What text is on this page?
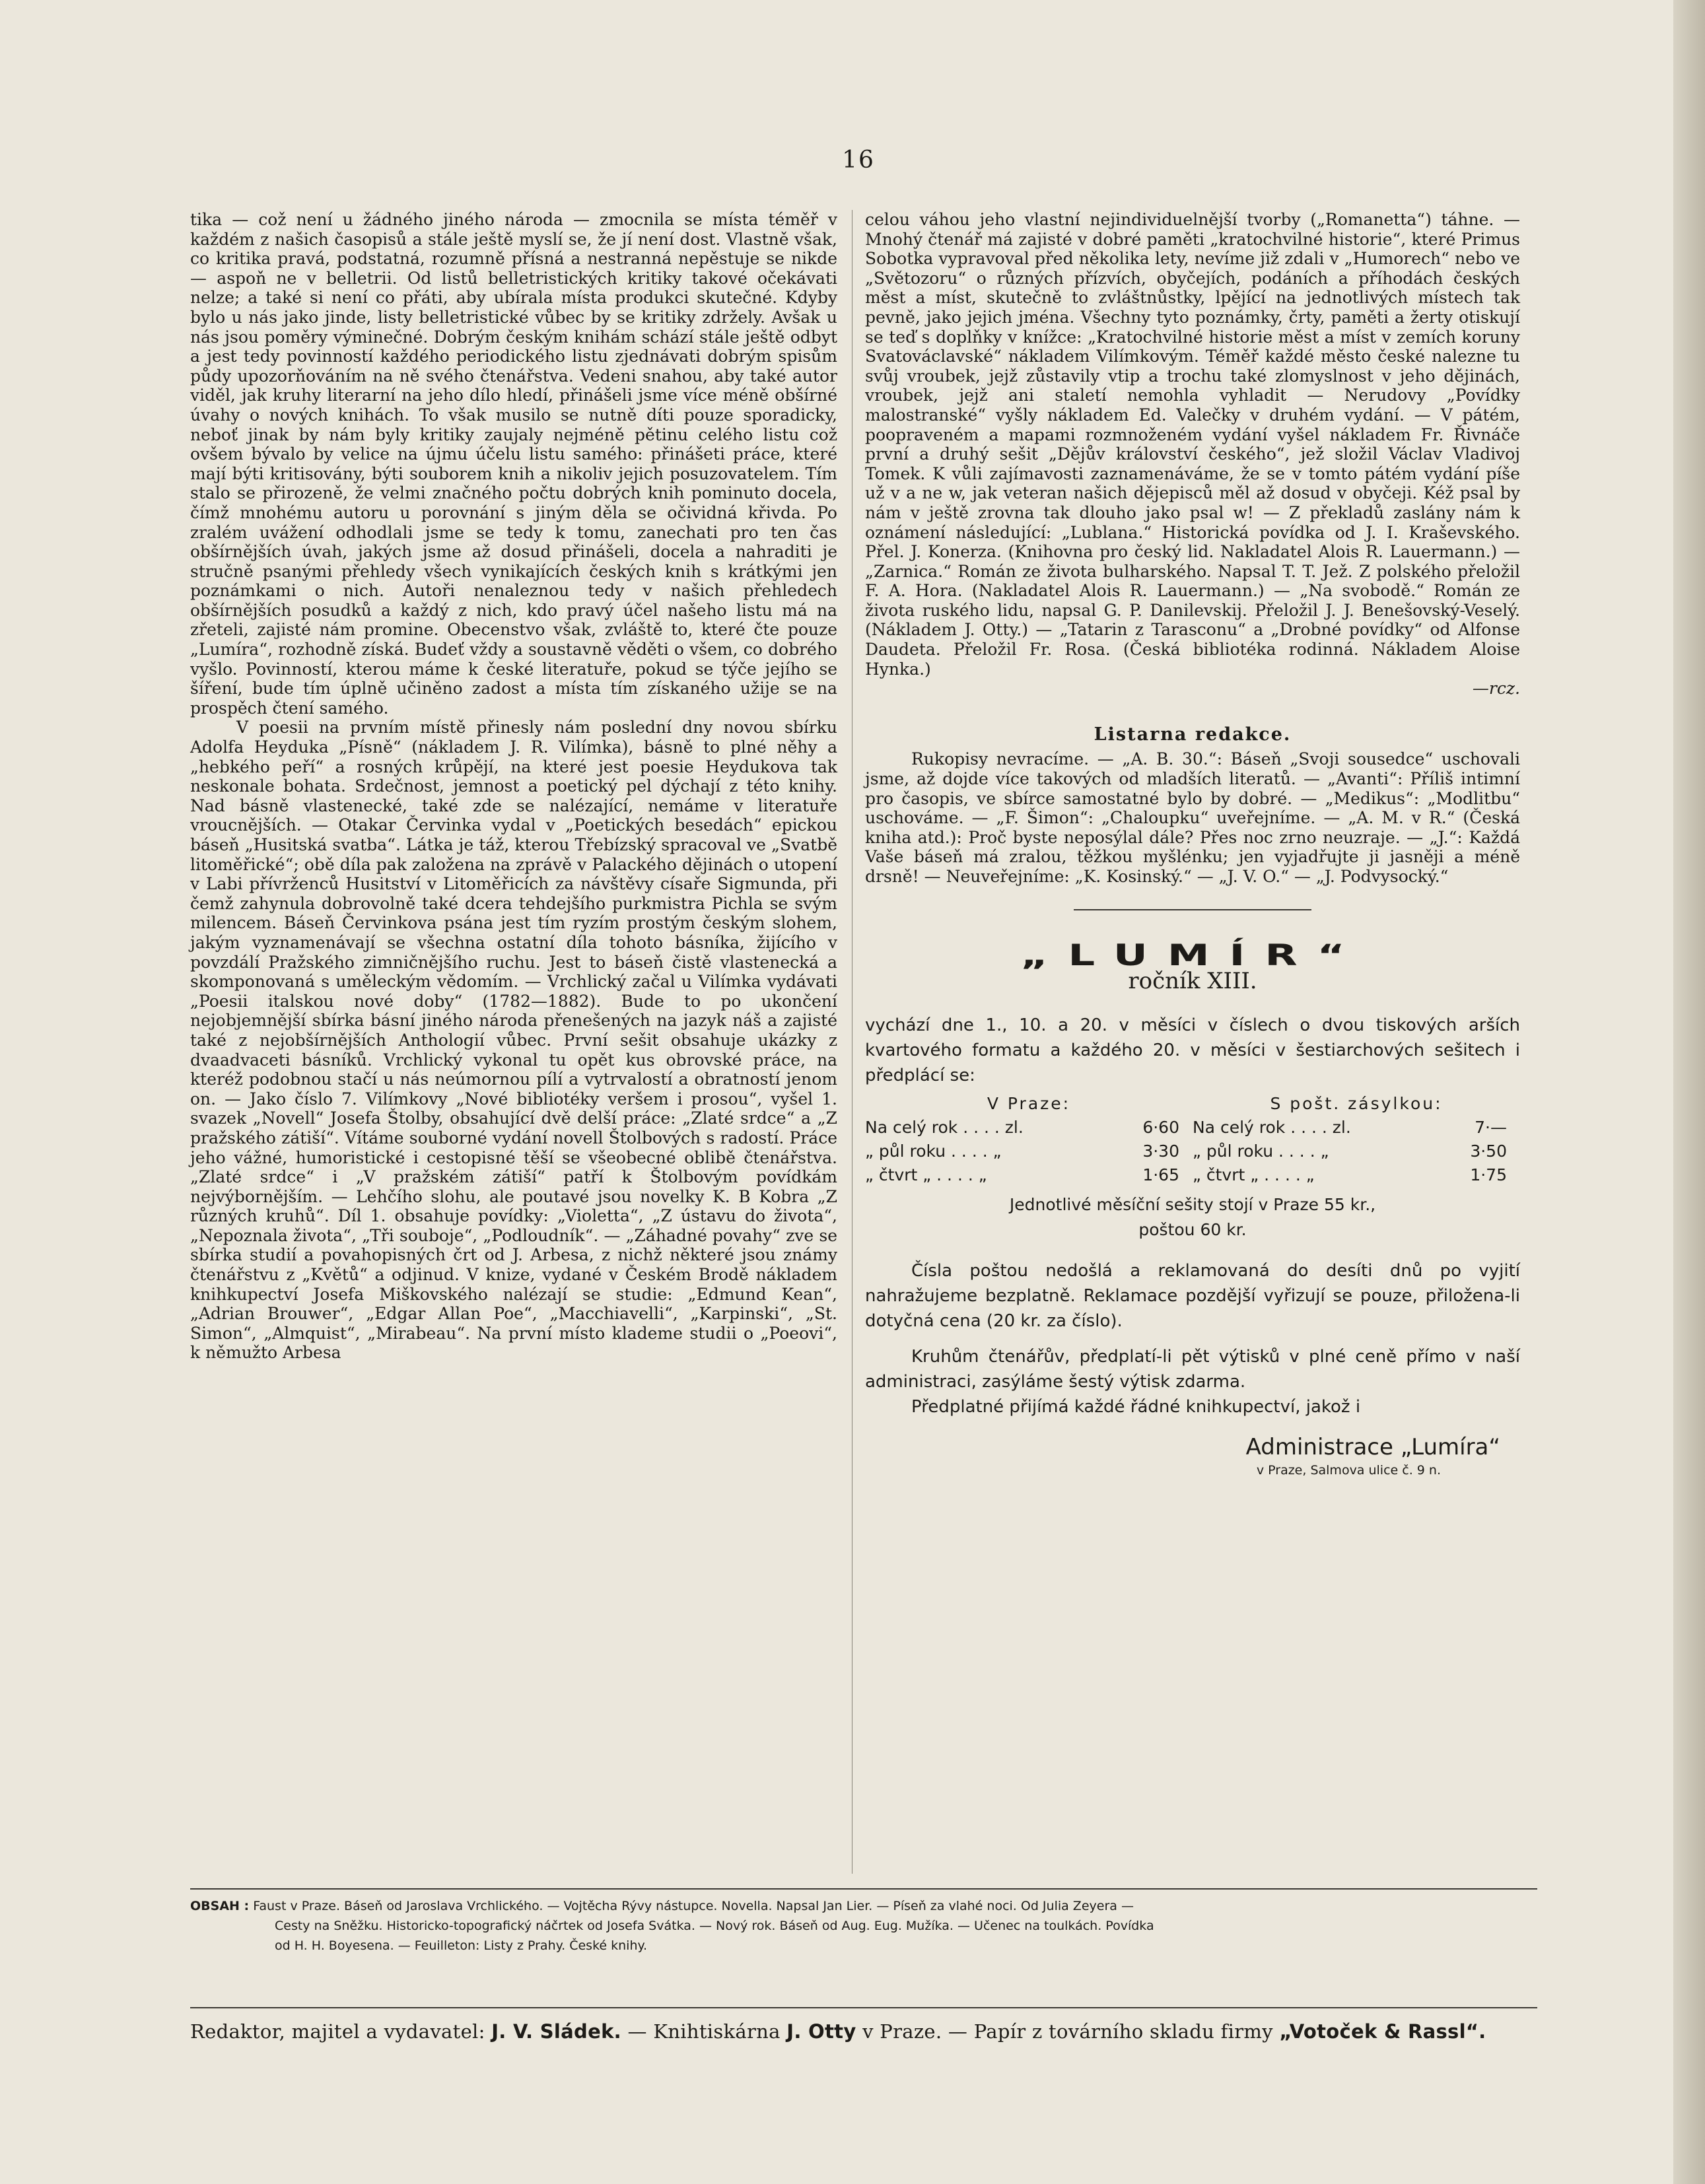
16

tika — což není u žádného jiného národa — zmocnila se místa téměř v každém z našich časopisů a stále ještě myslí se, že jí není dost. Vlastně však, co kritika pravá, podstatná, rozumně přísná a nestranná nepěstuje se nikde — aspoň ne v belletrii. Od listů belletristických kritiky takové očekávati nelze; a také si není co přáti, aby ubírala místa produkci skutečné. Kdyby bylo u nás jako jinde, listy belletristické vůbec by se kritiky zdržely. Avšak u nás jsou poměry výminečné. Dobrým českým knihám schází stále ještě odbyt a jest tedy povinností každého periodického listu zjednávati dobrým spisům půdy upozorňováním na ně svého čtenářstva. Vedeni snahou, aby také autor viděl, jak kruhy literarní na jeho dílo hledí, přinášeli jsme více méně obšírné úvahy o nových knihách. To však musilo se nutně díti pouze sporadicky, neboť jinak by nám byly kritiky zaujaly nejméně pětinu celého listu což ovšem bývalo by velice na újmu účelu listu samého: přinášeti práce, které mají býti kritisovány, býti souborem knih a nikoliv jejich posuzovatelem. Tím stalo se přirozeně, že velmi značného počtu dobrých knih pominuto docela, čímž mnohému autoru u porovnání s jiným děla se očividná křivda. Po zralém uvážení odhodlali jsme se tedy k tomu, zanechati pro ten čas obšírnějších úvah, jakých jsme až dosud přinášeli, docela a nahraditi je stručně psanými přehledy všech vynikajících českých knih s krátkými jen poznámkami o nich. Autoři nenaleznou tedy v našich přehledech obšírnějších posudků a každý z nich, kdo pravý účel našeho listu má na zřeteli, zajisté nám promine. Obecenstvo však, zvláště to, které čte pouze „Lumíra“, rozhodně získá. Budeť vždy a soustavně věděti o všem, co dobrého vyšlo. Povinností, kterou máme k české literatuře, pokud se týče jejího se šíření, bude tím úplně učiněno zadost a místa tím získaného užije se na prospěch čtení samého.

V poesii na prvním místě přinesly nám poslední dny novou sbírku Adolfa Heyduka „Písně“ (nákladem J. R. Vilímka), básně to plné něhy a „hebkého peří“ a rosných krůpějí, na které jest poesie Heydukova tak neskonale bohata. Srdečnost, jemnost a poetický pel dýchají z této knihy. Nad básně vlastenecké, také zde se nalézající, nemáme v literatuře vroucnějších. — Otakar Červinka vydal v „Poetických besedách“ epickou báseň „Husitská svatba“. Látka je táž, kterou Třebízský spracoval ve „Svatbě litoměřické“; obě díla pak založena na zprávě v Palackého dějinách o utopení v Labi přívrženců Husitství v Litoměřicích za návštěvy císaře Sigmunda, při čemž zahynula dobrovolně také dcera tehdejšího purkmistra Pichla se svým milencem. Báseň Červinkova psána jest tím ryzím prostým českým slohem, jakým vyznamenávají se všechna ostatní díla tohoto básníka, žijícího v povzdálí Pražského zimničnějšího ruchu. Jest to báseň čistě vlastenecká a skomponovaná s uměleckým vědomím. — Vrchlický začal u Vilímka vydávati „Poesii italskou nové doby“ (1782—1882). Bude to po ukončení nejobjemnější sbírka básní jiného národa přenešených na jazyk náš a zajisté také z nejobšírnějších Anthologií vůbec. První sešit obsahuje ukázky z dvaadvaceti básníků. Vrchlický vykonal tu opět kus obrovské práce, na kteréž podobnou stačí u nás neúmornou pílí a vytrvalostí a obratností jenom on. — Jako číslo 7. Vilímkovy „Nové bibliotéky veršem i prosou“, vyšel 1. svazek „Novell“ Josefa Štolby, obsahující dvě delší práce: „Zlaté srdce“ a „Z pražského zátiší“. Vítáme souborné vydání novell Štolbových s radostí. Práce jeho vážné, humoristické i cestopisné těší se všeobecné oblibě čtenářstva. „Zlaté srdce“ i „V pražském zátiší“ patří k Štolbovým povídkám nejvýbornějším. — Lehčího slohu, ale poutavé jsou novelky K. B Kobra „Z různých kruhů“. Díl 1. obsahuje povídky: „Violetta“, „Z ústavu do života“, „Nepoznala života“, „Tři souboje“, „Podloudník“. — „Záhadné povahy“ zve se sbírka studií a povahopisných črt od J. Arbesa, z nichž některé jsou známy čtenářstvu z „Květů“ a odjinud. V knize, vydané v Českém Brodě nákladem knihkupectví Josefa Miškovského nalézají se studie: „Edmund Kean“, „Adrian Brouwer“, „Edgar Allan Poe“, „Macchiavelli“, „Karpinski“, „St. Simon“, „Almquist“, „Mirabeau“. Na první místo klademe studii o „Poeovi“, k němužto Arbesa

celou váhou jeho vlastní nejindividuelnější tvorby („Romanetta“) táhne. — Mnohý čtenář má zajisté v dobré paměti „kratochvilné historie“, které Primus Sobotka vypravoval před několika lety, nevíme již zdali v „Humorech“ nebo ve „Světozoru“ o různých přízvích, obyčejích, podáních a příhodách českých měst a míst, skutečně to zvláštnůstky, lpějící na jednotlivých místech tak pevně, jako jejich jména. Všechny tyto poznámky, črty, paměti a žerty otiskují se teď s doplňky v knížce: „Kratochvilné historie měst a míst v zemích koruny Svatováclavské“ nákladem Vilímkovým. Téměř každé město české nalezne tu svůj vroubek, jejž zůstavily vtip a trochu také zlomyslnost v jeho dějinách, vroubek, jejž ani staletí nemohla vyhladit — Nerudovy „Povídky malostranské“ vyšly nákladem Ed. Valečky v druhém vydání. — V pátém, poopraveném a mapami rozmnoženém vydání vyšel nákladem Fr. Řivnáče první a druhý sešit „Dějův království českého“, jež složil Václav Vladivoj Tomek. K vůli zajímavosti zaznamenáváme, že se v tomto pátém vydání píše už v a ne w, jak veteran našich dějepisců měl až dosud v obyčeji. Kéž psal by nám v ještě zrovna tak dlouho jako psal w! — Z překladů zaslány nám k oznámení následující: „Lublana.“ Historická povídka od J. I. Kraševského. Přel. J. Konerza. (Knihovna pro český lid. Nakladatel Alois R. Lauermann.) — „Zarnica.“ Román ze života bulharského. Napsal T. T. Jež. Z polského přeložil F. A. Hora. (Nakladatel Alois R. Lauermann.) — „Na svobodě.“ Román ze života ruského lidu, napsal G. P. Danilevskij. Přeložil J. J. Benešovský-Veselý. (Nákladem J. Otty.) — „Tatarin z Tarasconu“ a „Drobné povídky“ od Alfonse Daudeta. Přeložil Fr. Rosa. (Česká bibliotéka rodinná. Nákladem Aloise Hynka.)

—rcz.
Listarna redakce.

Rukopisy nevracíme. — „A. B. 30.“: Báseň „Svoji sousedce“ uschovali jsme, až dojde více takových od mladších literatů. — „Avanti“: Příliš intimní pro časopis, ve sbírce samostatné bylo by dobré. — „Medikus“: „Modlitbu“ uschováme. — „F. Šimon“: „Chaloupku“ uveřejníme. — „A. M. v R.“ (Česká kniha atd.): Proč byste neposýlal dále? Přes noc zrno neuzraje. — „J.“: Každá Vaše báseň má zralou, těžkou myšlénku; jen vyjadřujte ji jasněji a méně drsně! — Neuveřejníme: „K. Kosinský.“ — „J. V. O.“ — „J. Podvysocký.“

„LUMÍR“
ročník XIII.

vychází dne 1., 10. a 20. v měsíci v číslech o dvou tiskových arších kvartového formatu a každého 20. v měsíci v šestiarchových sešitech i předplácí se:

V Praze:		S pošt. zásylkou:	
Na celý rok . . . . zl.	6·60	Na celý rok . . . . zl.	7·—
„ půl roku . . . . „	3·30	„ půl roku . . . . „	3·50
„ čtvrt „ . . . . „	1·65	„ čtvrt „ . . . . „	1·75
Jednotlivé měsíční sešity stojí v Praze 55 kr.,
poštou 60 kr.

Čísla poštou nedošlá a reklamovaná do desíti dnů po vyjití nahražujeme bezplatně. Reklamace pozdější vyřizují se pouze, přiložena-li dotyčná cena (20 kr. za číslo).

Kruhům čtenářův, předplatí-li pět výtisků v plné ceně přímo v naší administraci, zasýláme šestý výtisk zdarma.

Předplatné přijímá každé řádné knihkupectví, jakož i

Administrace „Lumíra“
v Praze, Salmova ulice č. 9 n.
OBSAH : Faust v Praze. Báseň od Jaroslava Vrchlického. — Vojtěcha Rývy nástupce. Novella. Napsal Jan Lier. — Píseň za vlahé noci. Od Julia Zeyera —
Cesty na Sněžku. Historicko-topografický náčrtek od Josefa Svátka. — Nový rok. Báseň od Aug. Eug. Mužíka. — Učenec na toulkách. Povídka
od H. H. Boyesena. — Feuilleton: Listy z Prahy. České knihy.
Redaktor, majitel a vydavatel: J. V. Sládek. — Knihtiskárna J. Otty v Praze. — Papír z továrního skladu firmy „Votoček & Rassl“.
